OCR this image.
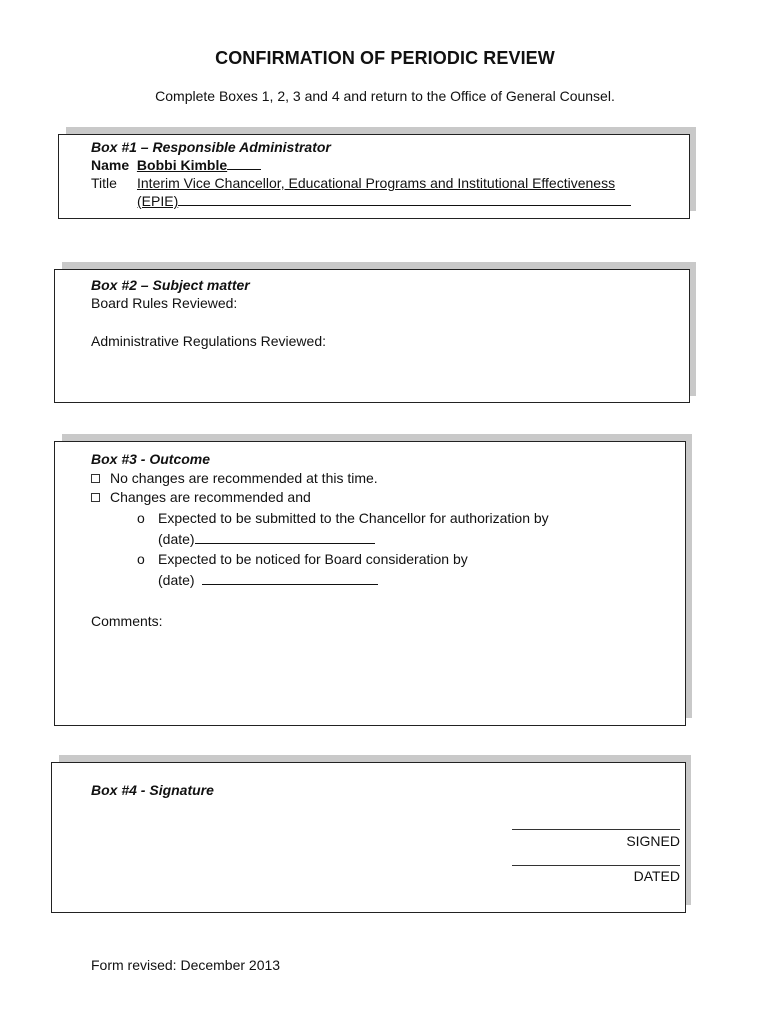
CONFIRMATION OF PERIODIC REVIEW
Complete Boxes 1, 2, 3 and 4 and return to the Office of General Counsel.
Box #1 – Responsible Administrator
Name Bobbi Kimble
Title Interim Vice Chancellor, Educational Programs and Institutional Effectiveness
(EPIE)
Box #2 – Subject matter
Board Rules Reviewed:
Administrative Regulations Reviewed:
Box #3 - Outcome
No changes are recommended at this time.
Changes are recommended and
o Expected to be submitted to the Chancellor for authorization by
(date)
o Expected to be noticed for Board consideration by
(date)
Comments:
Box #4 - Signature
SIGNED
DATED
Form revised: December 2013
